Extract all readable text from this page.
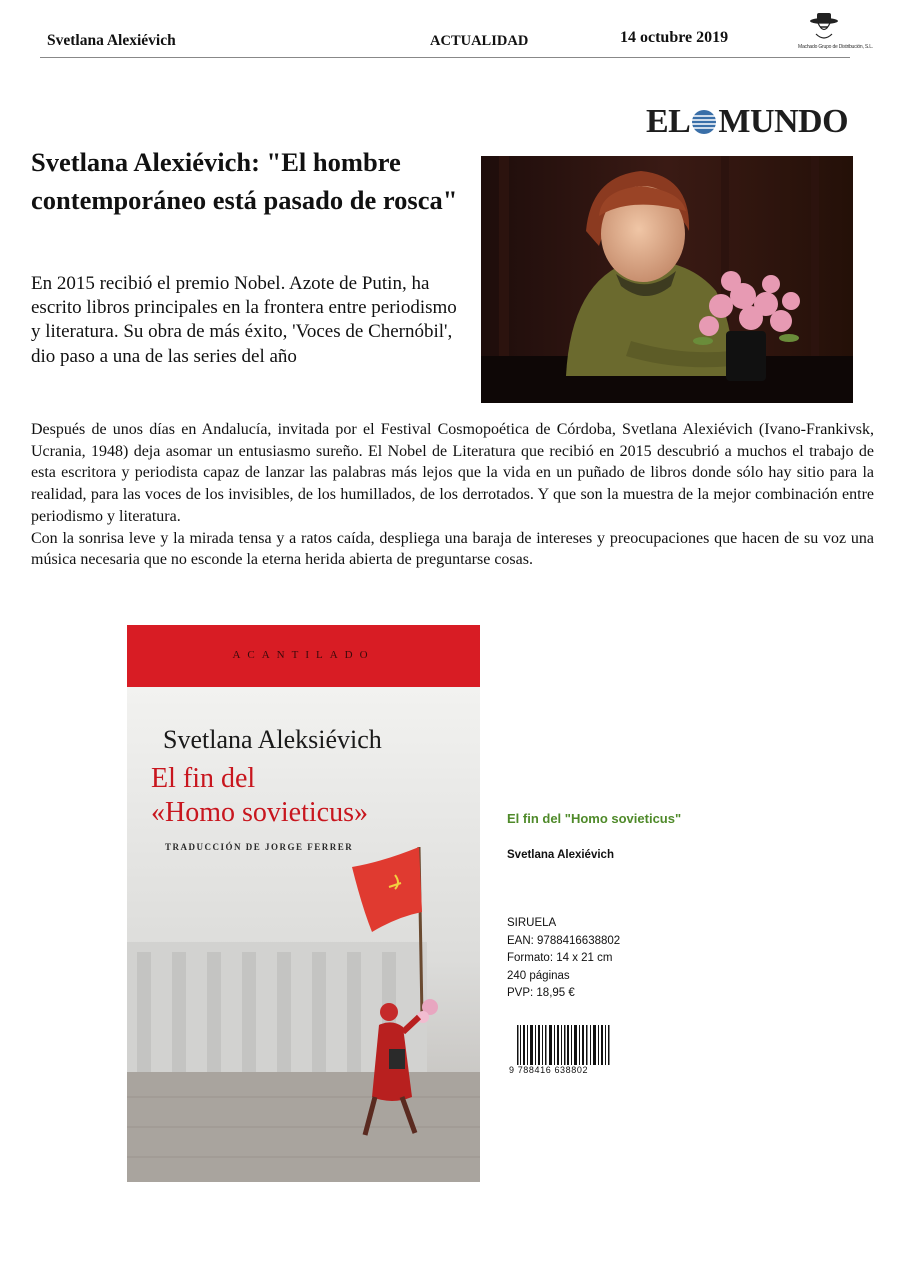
Svetlana Alexiévich	ACTUALIDAD	14 octubre 2019
Machado Grupo de Distribución, S.L.
EL MUNDO
Svetlana Alexiévich: "El hombre contemporáneo está pasado de rosca"
En 2015 recibió el premio Nobel. Azote de Putin, ha escrito libros principales en la frontera entre periodismo y literatura. Su obra de más éxito, 'Voces de Chernóbil', dio paso a una de las series del año

Después de unos días en Andalucía, invitada por el Festival Cosmopoética de Córdoba, Svetlana Alexiévich (Ivano-Frankivsk, Ucrania, 1948) deja asomar un entusiasmo sureño. El Nobel de Literatura que recibió en 2015 descubrió a muchos el trabajo de esta escritora y periodista capaz de lanzar las palabras más lejos que la vida en un puñado de libros donde sólo hay sitio para la realidad, para las voces de los invisibles, de los humillados, de los derrotados. Y que son la muestra de la mejor combinación entre periodismo y literatura.

Con la sonrisa leve y la mirada tensa y a ratos caída, despliega una baraja de intereses y preocupaciones que hacen de su voz una música necesaria que no esconde la eterna herida abierta de preguntarse cosas.

ACANTILADO
Svetlana Aleksiévich
El fin del
«Homo sovieticus»
TRADUCCIÓN DE JORGE FERRER
El fin del "Homo sovieticus"
Svetlana Alexiévich
SIRUELA
EAN: 9788416638802
Formato: 14 x 21 cm
240 páginas
PVP: 18,95 €
9 788416 638802
